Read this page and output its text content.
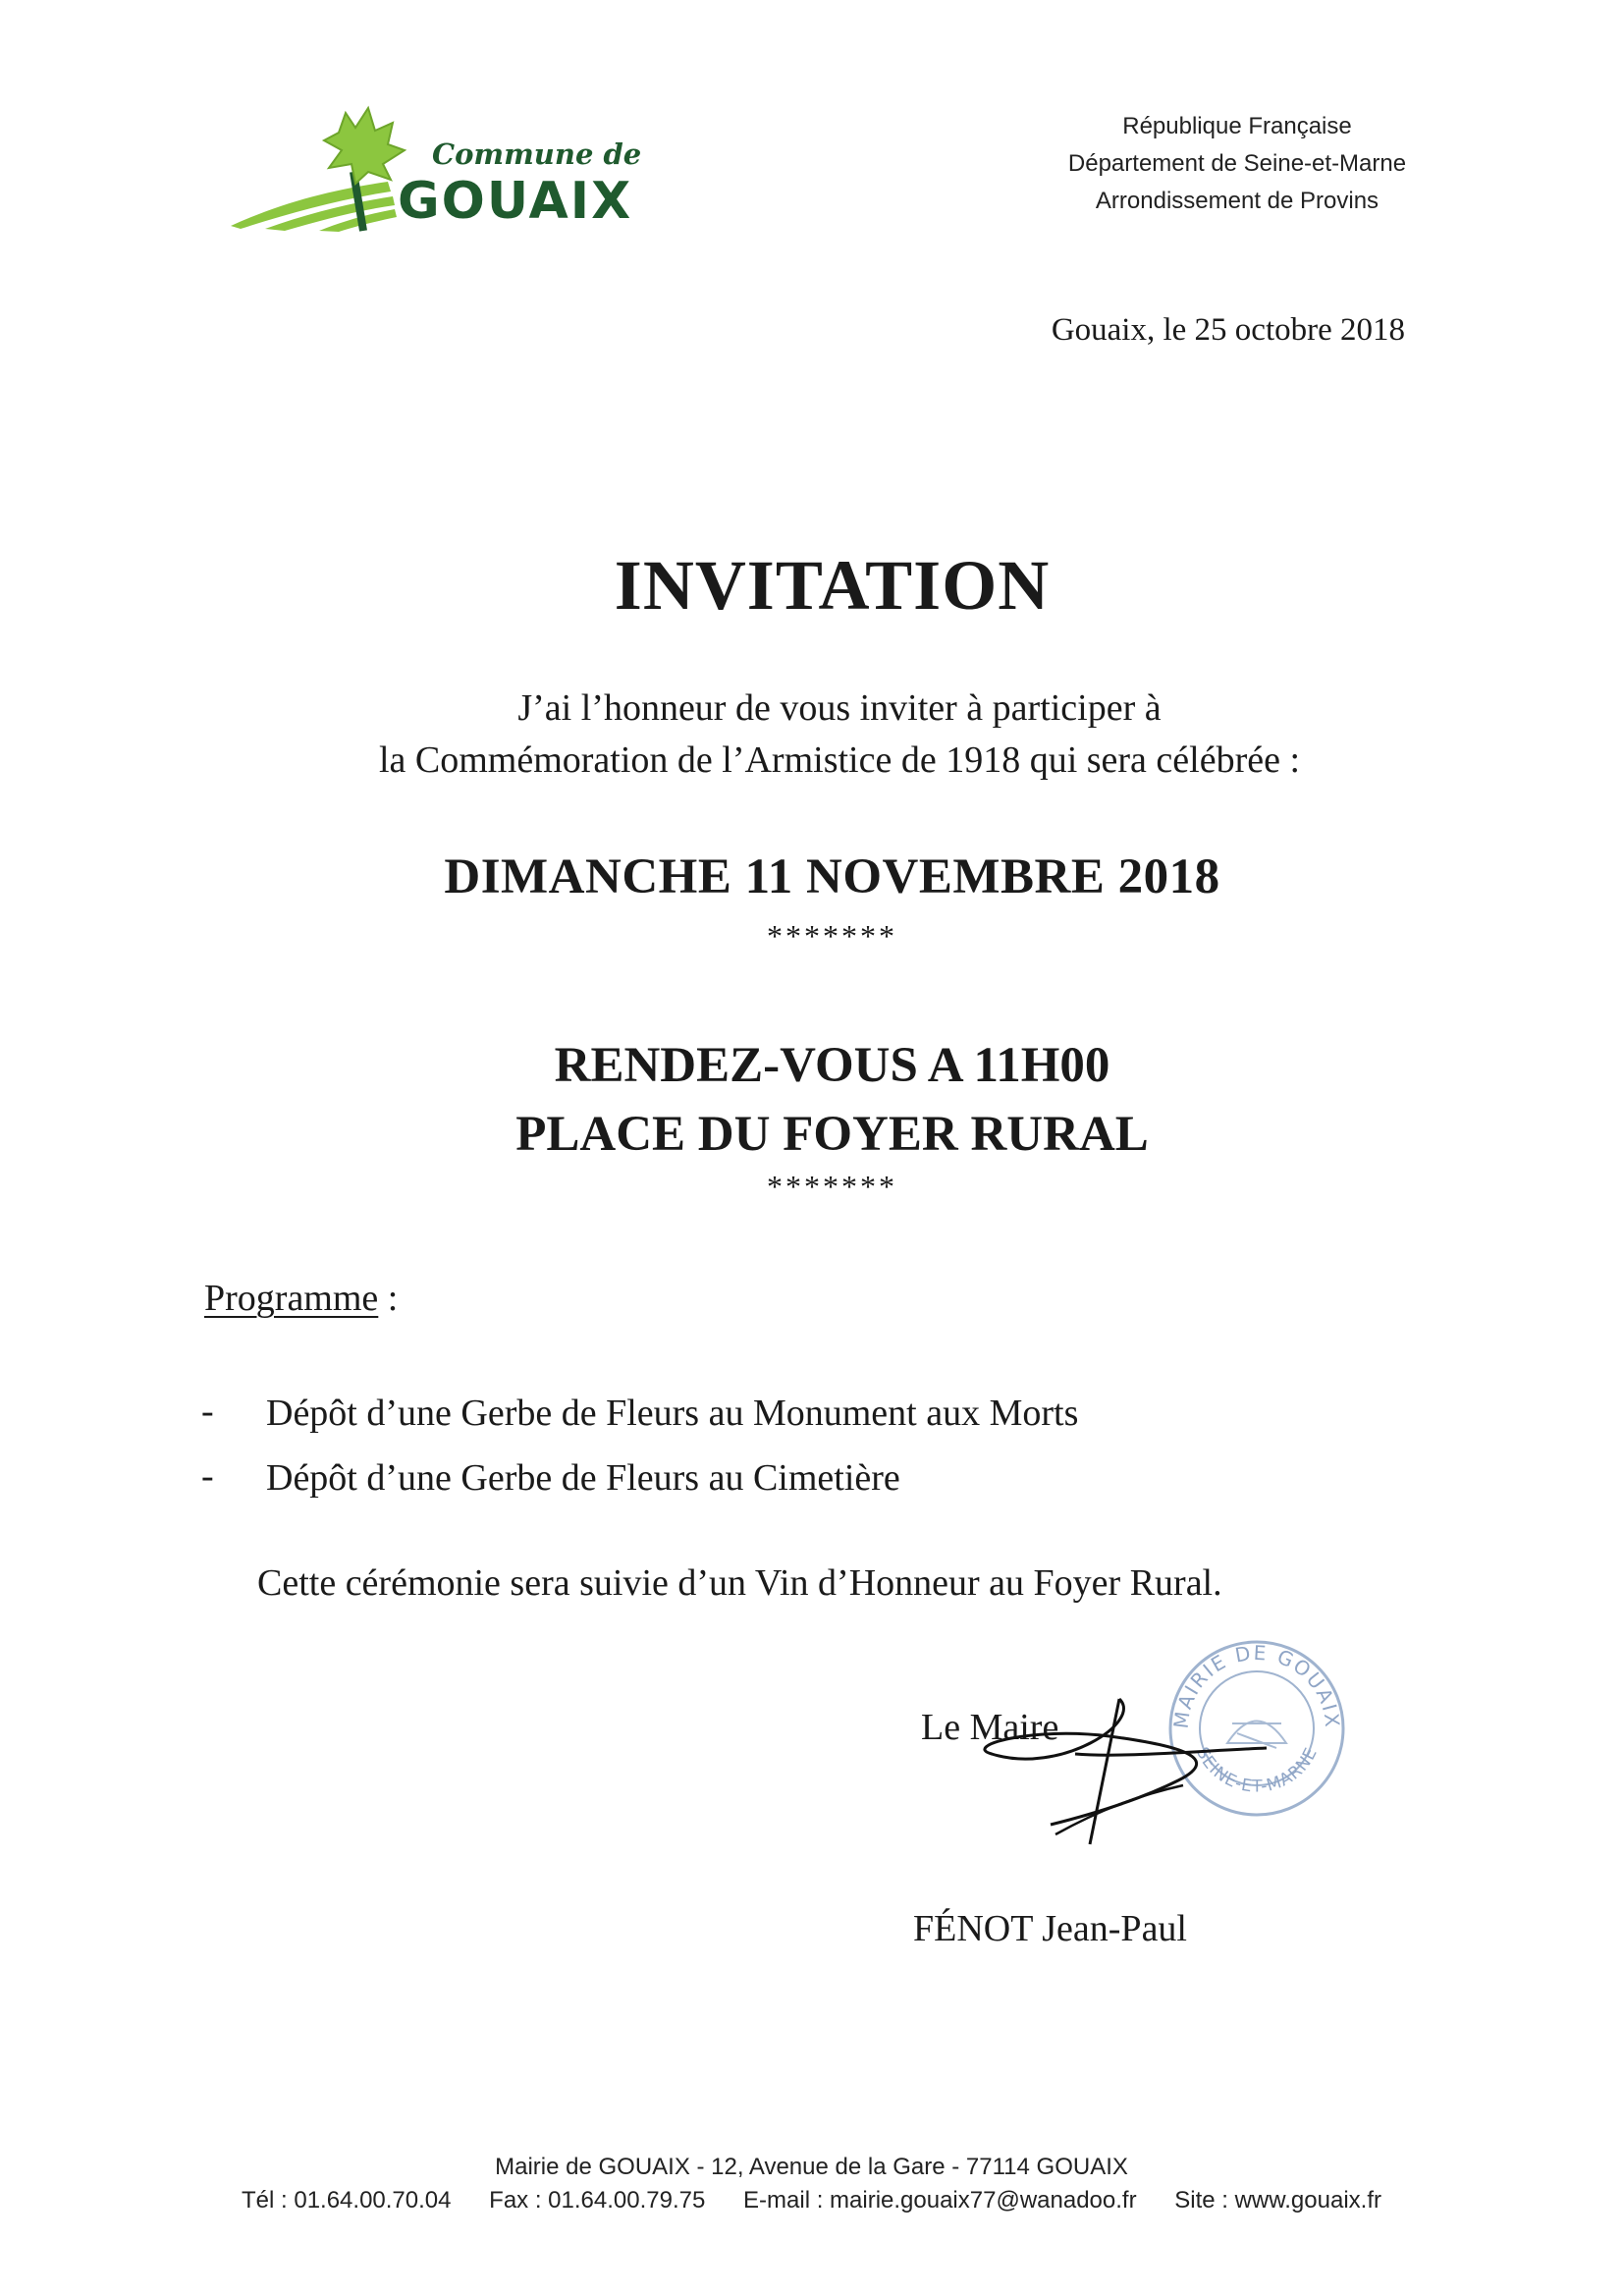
Commune de
GOUAIX
République Française
Département de Seine-et-Marne
Arrondissement de Provins
Gouaix, le 25 octobre 2018
INVITATION
J’ai l’honneur de vous inviter à participer à
la Commémoration de l’Armistice de 1918 qui sera célébrée :
DIMANCHE 11 NOVEMBRE 2018
*******
RENDEZ-VOUS A 11H00
PLACE DU FOYER RURAL
*******
Programme :
- Dépôt d’une Gerbe de Fleurs au Monument aux Morts
- Dépôt d’une Gerbe de Fleurs au Cimetière
Cette cérémonie sera suivie d’un Vin d’Honneur au Foyer Rural.
MAIRIE DE GOUAIX
SEINE-ET-MARNE
Le Maire
FÉNOT Jean-Paul
Mairie de GOUAIX - 12, Avenue de la Gare - 77114 GOUAIX
Tél : 01.64.00.70.04 Fax : 01.64.00.79.75 E-mail : mairie.gouaix77@wanadoo.fr Site : www.gouaix.fr
